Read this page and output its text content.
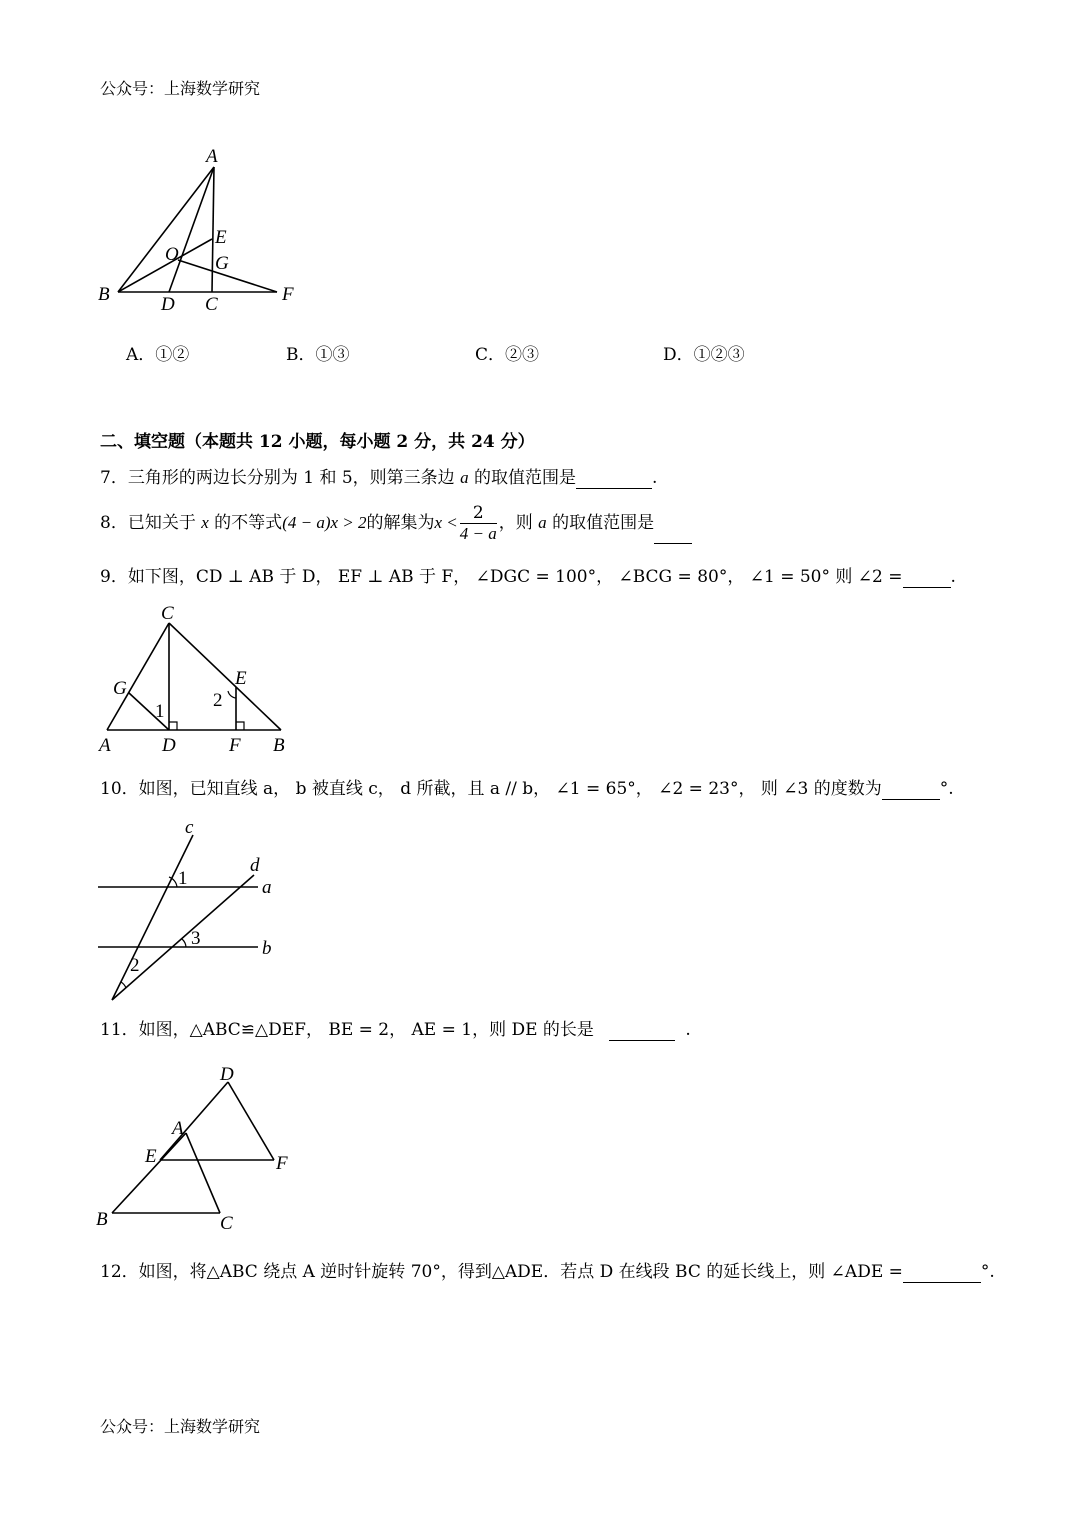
公众号：上海数学研究
A
B	D C	F
E
G
O
A．①②	B．①③	C．②③	D．①②③
二、填空题（本题共 12 小题，每小题 2 分，共 24 分）
7．三角形的两边长分别为 1 和 5，则第三条边 a 的取值范围是	.
8．已知关于 x 的不等式(4 − a)x > 2的解集为$x < \frac{2}{4 - a}$ ，则 a 的取值范围是
9．如下图，CD ⊥ AB 于 D， EF ⊥ AB 于 F， ∠DGC = 100°， ∠BCG = 80°， ∠1 = 50° 则 ∠2 =	.
C
G	E
A	D	F B
1
2
10．如图，已知直线 a， b 被直线 c， d 所截，且 a // b， ∠1 = 65°， ∠2 = 23°， 则 ∠3 的度数为	°.
c
d
a
b
1
3
2
11．如图，△ABC≌△DEF， BE = 2， AE = 1，则 DE 的长是	.
D
A
E	F
B	C
12．如图，将△ABC 绕点 A 逆时针旋转 70°，得到△ADE．若点 D 在线段 BC 的延长线上，则 ∠ADE =	°.
公众号：上海数学研究
